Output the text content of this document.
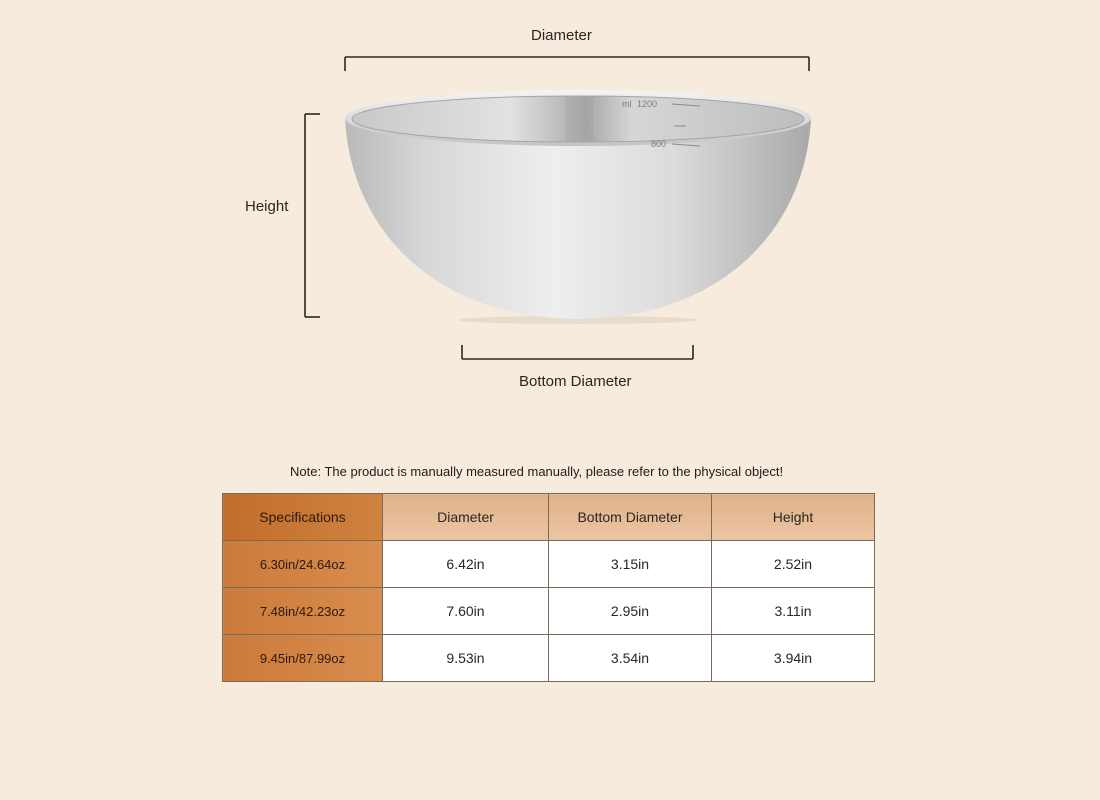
1200
ml
800
Diameter
Height
Bottom Diameter
Note: The product is manually measured manually, please refer to the physical object!
Specifications	Diameter	Bottom Diameter	Height
6.30in/24.64oz	6.42in	3.15in	2.52in
7.48in/42.23oz	7.60in	2.95in	3.11in
9.45in/87.99oz	9.53in	3.54in	3.94in
